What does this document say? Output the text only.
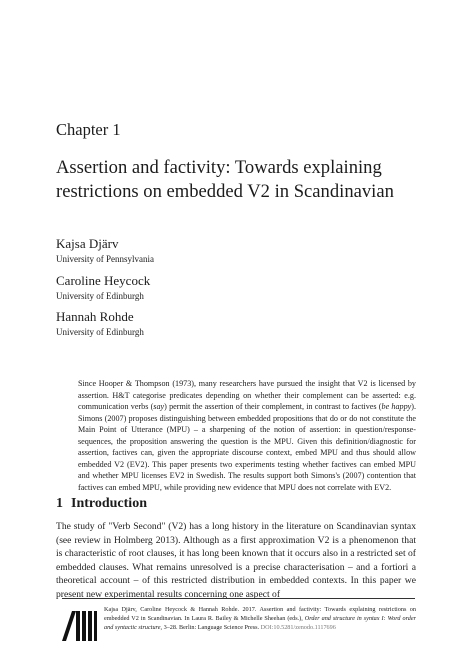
Chapter 1
Assertion and factivity: Towards explaining restrictions on embedded V2 in Scandinavian
Kajsa Djärv
University of Pennsylvania
Caroline Heycock
University of Edinburgh
Hannah Rohde
University of Edinburgh
Since Hooper & Thompson (1973), many researchers have pursued the insight that V2 is licensed by assertion. H&T categorise predicates depending on whether their complement can be asserted: e.g. communication verbs (say) permit the assertion of their complement, in contrast to factives (be happy). Simons (2007) proposes distinguishing between embedded propositions that do or do not constitute the Main Point of Utterance (MPU) – a sharpening of the notion of assertion: in question/response-sequences, the proposition answering the question is the MPU. Given this definition/diagnostic for assertion, factives can, given the appropriate discourse context, embed MPU and thus should allow embedded V2 (EV2). This paper presents two experiments testing whether factives can embed MPU and whether MPU licenses EV2 in Swedish. The results support both Simons's (2007) contention that factives can embed MPU, while providing new evidence that MPU does not correlate with EV2.
1 Introduction
The study of "Verb Second" (V2) has a long history in the literature on Scandinavian syntax (see review in Holmberg 2013). Although as a first approximation V2 is a phenomenon that is characteristic of root clauses, it has long been known that it occurs also in a restricted set of embedded clauses. What remains unresolved is a precise characterisation – and a fortiori a theoretical account – of this restricted distribution in embedded contexts. In this paper we present new experimental results concerning one aspect of
Kajsa Djärv, Caroline Heycock & Hannah Rohde. 2017. Assertion and factivity: Towards explaining restrictions on embedded V2 in Scandinavian. In Laura R. Bailey & Michelle Sheehan (eds.), Order and structure in syntax I: Word order and syntactic structure, 3–28. Berlin: Language Science Press. DOI:10.5281/zenodo.1117696
